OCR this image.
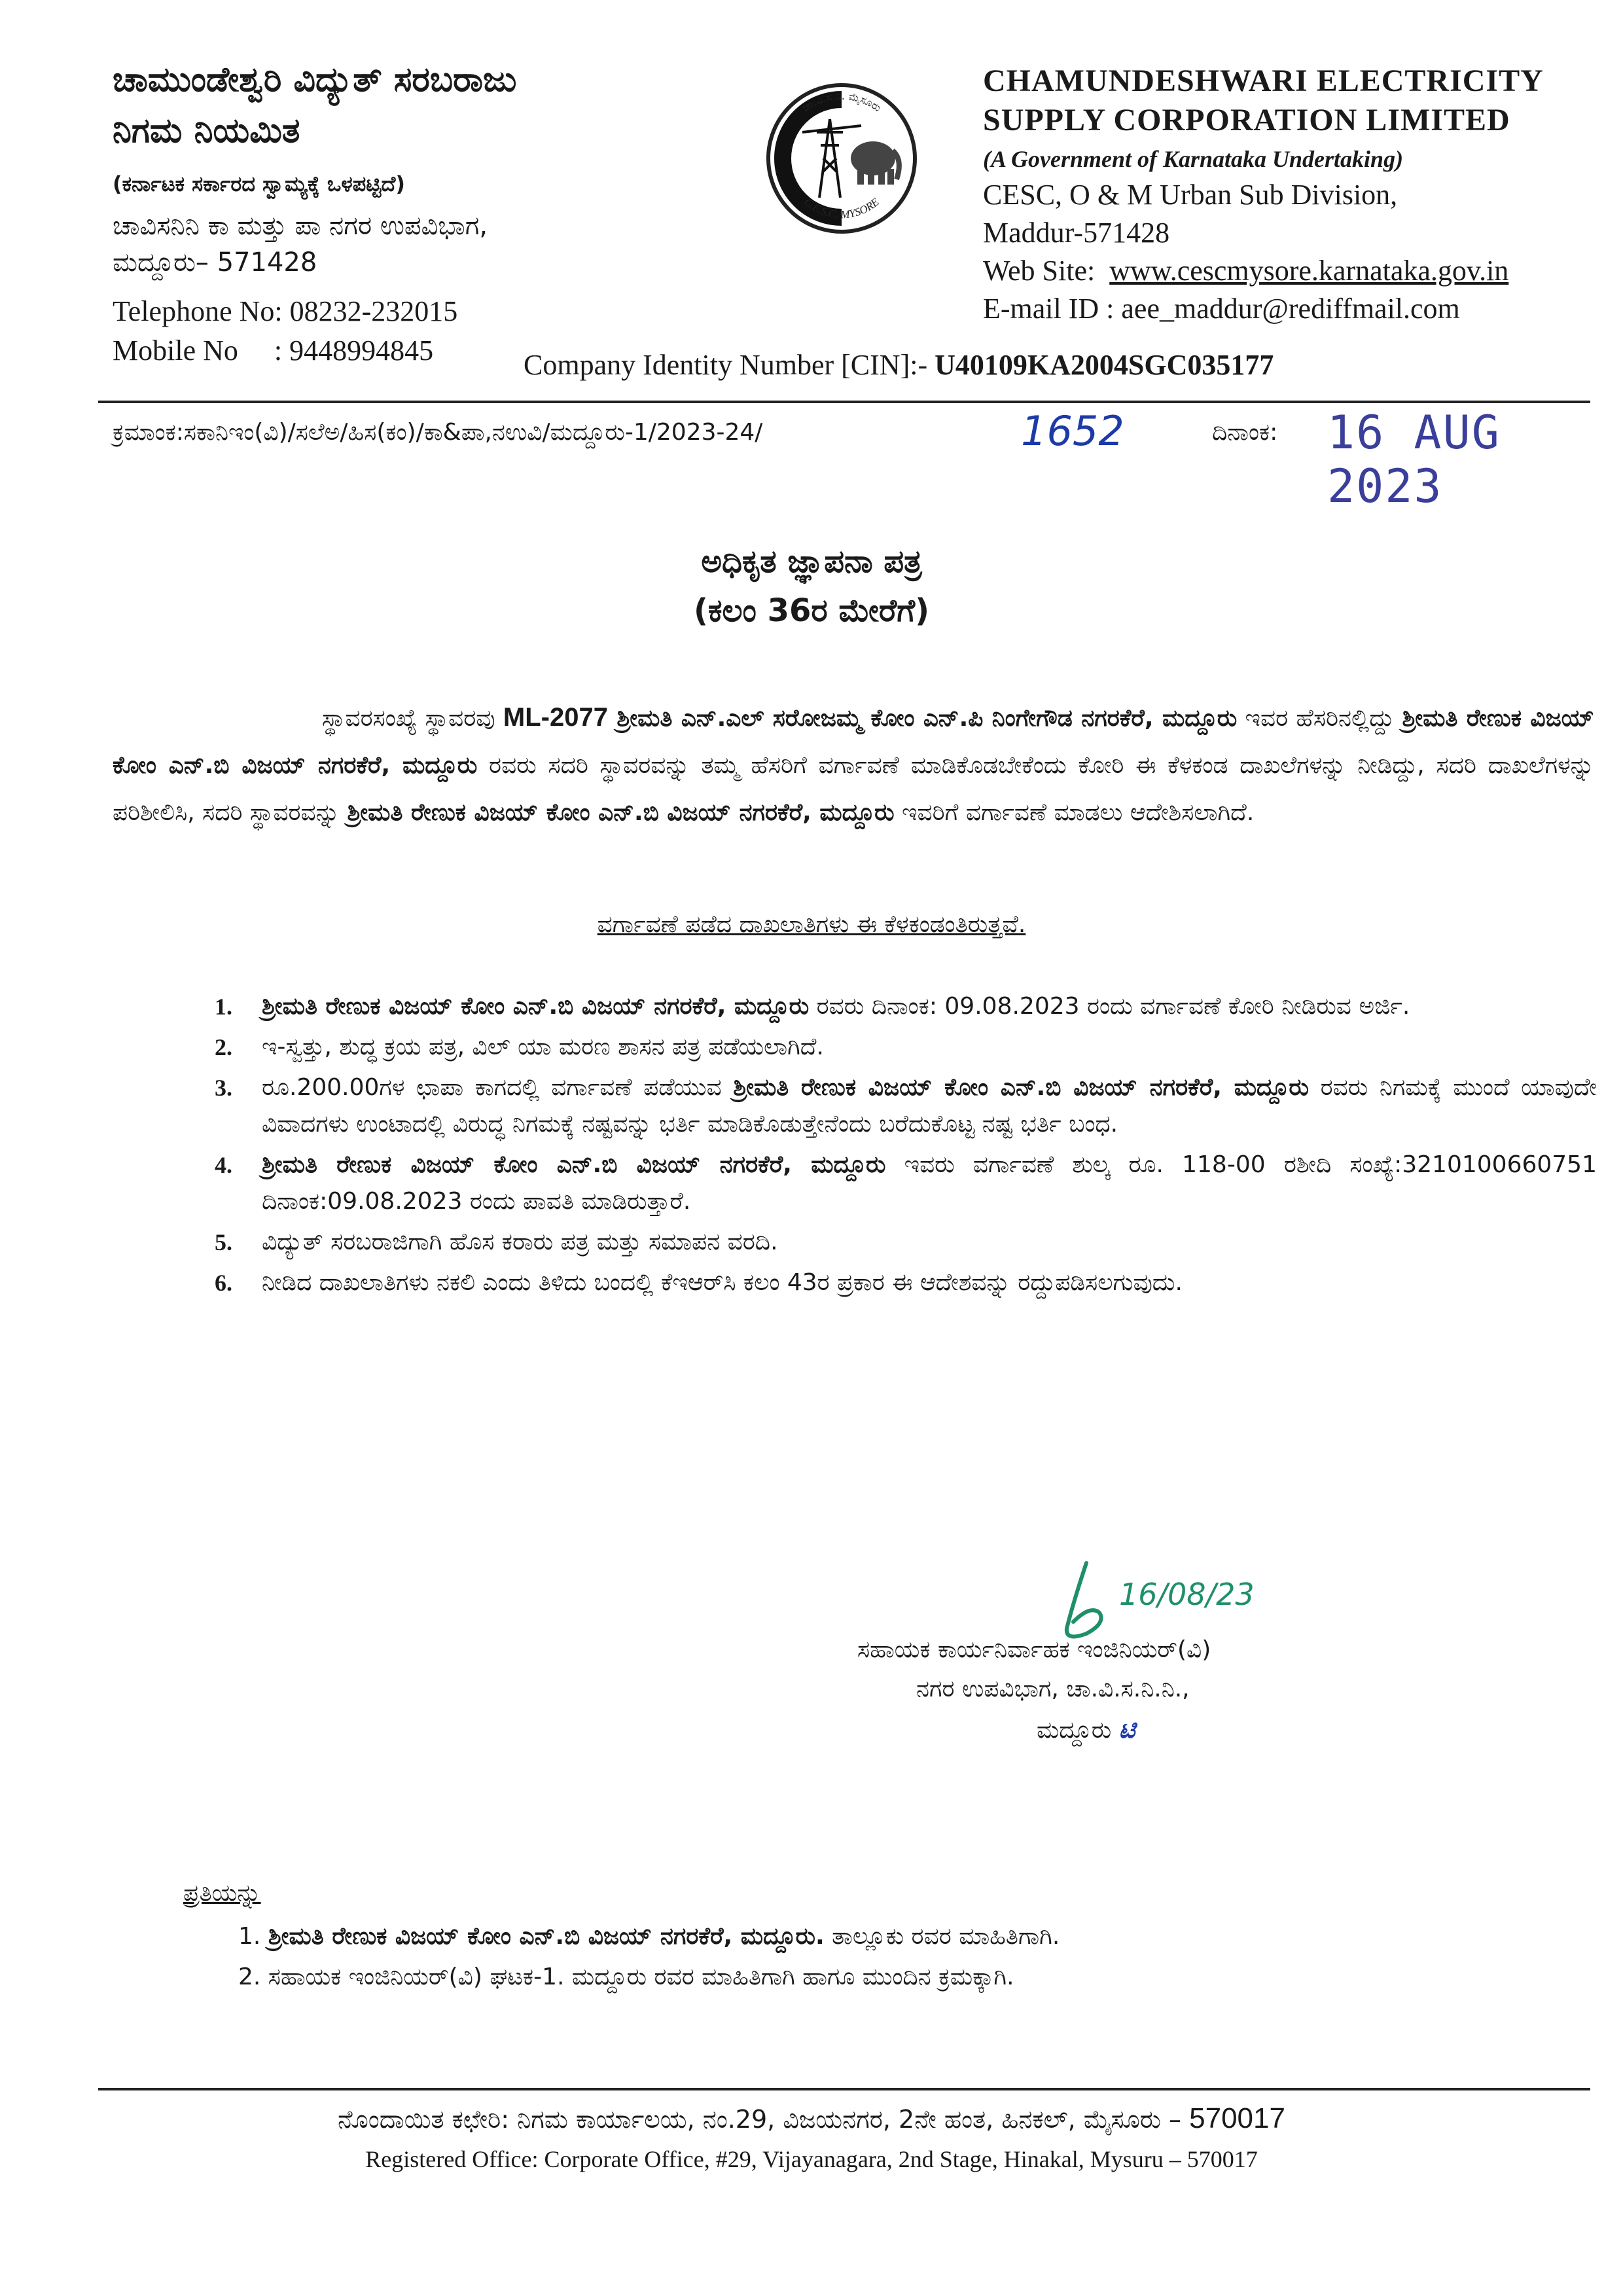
ಚಾಮುಂಡೇಶ್ವರಿ ವಿದ್ಯುತ್ ಸರಬರಾಜು
ನಿಗಮ ನಿಯಮಿತ
(ಕರ್ನಾಟಕ ಸರ್ಕಾರದ ಸ್ವಾಮ್ಯಕ್ಕೆ ಒಳಪಟ್ಟಿದೆ)
ಚಾವಿಸನಿನಿ ಕಾ ಮತ್ತು ಪಾ ನಗರ ಉಪವಿಭಾಗ,
ಮದ್ದೂರು– 571428
Telephone No: 08232-232015
Mobile No     : 9448994845
ಚಾ.ವಿ.ಸ.ನಿ. ಮೈಸೂರು
C.E.S.C, MYSORE
CHAMUNDESHWARI ELECTRICITY
SUPPLY CORPORATION LIMITED
(A Government of Karnataka Undertaking)
CESC, O & M Urban Sub Division,
Maddur-571428
Web Site:  www.cescmysore.karnataka.gov.in
E-mail ID : aee_maddur@rediffmail.com
Company Identity Number [CIN]:- U40109KA2004SGC035177
ಕ್ರಮಾಂಕ:ಸಕಾನಿಇಂ(ವಿ)/ಸಲೆಅ/ಹಿಸ(ಕಂ)/ಕಾ&ಪಾ,ನಉವಿ/ಮದ್ದೂರು-1/2023-24/	1652	ದಿನಾಂಕ: 16 AUG 2023
ಅಧಿಕೃತ ಜ್ಞಾಪನಾ ಪತ್ರ
(ಕಲಂ 36ರ ಮೇರೆಗೆ)
ಸ್ಥಾವರಸಂಖ್ಯೆ ಸ್ಥಾವರವು ML-2077 ಶ್ರೀಮತಿ ಎನ್.ಎಲ್ ಸರೋಜಮ್ಮ ಕೋಂ ಎನ್.ಪಿ ನಿಂಗೇಗೌಡ ನಗರಕೆರೆ, ಮದ್ದೂರು ಇವರ ಹೆಸರಿನಲ್ಲಿದ್ದು ಶ್ರೀಮತಿ ರೇಣುಕ ವಿಜಯ್ ಕೋಂ ಎನ್.ಬಿ ವಿಜಯ್ ನಗರಕೆರೆ, ಮದ್ದೂರು ರವರು ಸದರಿ ಸ್ಥಾವರವನ್ನು ತಮ್ಮ ಹೆಸರಿಗೆ ವರ್ಗಾವಣೆ ಮಾಡಿಕೊಡಬೇಕೆಂದು ಕೋರಿ ಈ ಕೆಳಕಂಡ ದಾಖಲೆಗಳನ್ನು ನೀಡಿದ್ದು, ಸದರಿ ದಾಖಲೆಗಳನ್ನು ಪರಿಶೀಲಿಸಿ, ಸದರಿ ಸ್ಥಾವರವನ್ನು ಶ್ರೀಮತಿ ರೇಣುಕ ವಿಜಯ್ ಕೋಂ ಎನ್.ಬಿ ವಿಜಯ್ ನಗರಕೆರೆ, ಮದ್ದೂರು ಇವರಿಗೆ ವರ್ಗಾವಣೆ ಮಾಡಲು ಆದೇಶಿಸಲಾಗಿದೆ.
ವರ್ಗಾವಣೆ ಪಡೆದ ದಾಖಲಾತಿಗಳು ಈ ಕೆಳಕಂಡಂತಿರುತ್ತವೆ.
1. ಶ್ರೀಮತಿ ರೇಣುಕ ವಿಜಯ್ ಕೋಂ ಎನ್.ಬಿ ವಿಜಯ್ ನಗರಕೆರೆ, ಮದ್ದೂರು ರವರು ದಿನಾಂಕ: 09.08.2023 ರಂದು ವರ್ಗಾವಣೆ ಕೋರಿ ನೀಡಿರುವ ಅರ್ಜಿ.
2. ಇ-ಸ್ವತ್ತು, ಶುದ್ಧ ಕ್ರಯ ಪತ್ರ, ವಿಲ್ ಯಾ ಮರಣ ಶಾಸನ ಪತ್ರ ಪಡೆಯಲಾಗಿದೆ.
3. ರೂ.200.00ಗಳ ಛಾಪಾ ಕಾಗದಲ್ಲಿ ವರ್ಗಾವಣೆ ಪಡೆಯುವ ಶ್ರೀಮತಿ ರೇಣುಕ ವಿಜಯ್ ಕೋಂ ಎನ್.ಬಿ ವಿಜಯ್ ನಗರಕೆರೆ, ಮದ್ದೂರು ರವರು ನಿಗಮಕ್ಕೆ ಮುಂದೆ ಯಾವುದೇ ವಿವಾದಗಳು ಉಂಟಾದಲ್ಲಿ ವಿರುದ್ಧ ನಿಗಮಕ್ಕೆ ನಷ್ಟವನ್ನು ಭರ್ತಿ ಮಾಡಿಕೊಡುತ್ತೇನೆಂದು ಬರೆದುಕೊಟ್ಟ ನಷ್ಟ ಭರ್ತಿ ಬಂಧ.
4. ಶ್ರೀಮತಿ ರೇಣುಕ ವಿಜಯ್ ಕೋಂ ಎನ್.ಬಿ ವಿಜಯ್ ನಗರಕೆರೆ, ಮದ್ದೂರು ಇವರು ವರ್ಗಾವಣೆ ಶುಲ್ಕ ರೂ. 118-00 ರಶೀದಿ ಸಂಖ್ಯೆ:3210100660751 ದಿನಾಂಕ:09.08.2023 ರಂದು ಪಾವತಿ ಮಾಡಿರುತ್ತಾರೆ.
5. ವಿದ್ಯುತ್ ಸರಬರಾಜಿಗಾಗಿ ಹೊಸ ಕರಾರು ಪತ್ರ ಮತ್ತು ಸಮಾಪನ ವರದಿ.
6. ನೀಡಿದ ದಾಖಲಾತಿಗಳು ನಕಲಿ ಎಂದು ತಿಳಿದು ಬಂದಲ್ಲಿ ಕೆಇಆರ್‌ಸಿ ಕಲಂ 43ರ ಪ್ರಕಾರ ಈ ಆದೇಶವನ್ನು ರದ್ದುಪಡಿಸಲಗುವುದು.
16/08/23
ಸಹಾಯಕ ಕಾರ್ಯನಿರ್ವಾಹಕ ಇಂಜಿನಿಯರ್(ವಿ)
ನಗರ ಉಪವಿಭಾಗ, ಚಾ.ವಿ.ಸ.ನಿ.ನಿ.,
ಮದ್ದೂರು ಟಿ
ಪ್ರತಿಯನ್ನು
1. ಶ್ರೀಮತಿ ರೇಣುಕ ವಿಜಯ್ ಕೋಂ ಎನ್.ಬಿ ವಿಜಯ್ ನಗರಕೆರೆ, ಮದ್ದೂರು. ತಾಲ್ಲೂಕು ರವರ ಮಾಹಿತಿಗಾಗಿ.
2. ಸಹಾಯಕ ಇಂಜಿನಿಯರ್(ವಿ) ಘಟಕ-1. ಮದ್ದೂರು ರವರ ಮಾಹಿತಿಗಾಗಿ ಹಾಗೂ ಮುಂದಿನ ಕ್ರಮಕ್ಕಾಗಿ.
ನೊಂದಾಯಿತ ಕಛೇರಿ: ನಿಗಮ ಕಾರ್ಯಾಲಯ, ನಂ.29, ವಿಜಯನಗರ, 2ನೇ ಹಂತ, ಹಿನಕಲ್, ಮೈಸೂರು – 570017
Registered Office: Corporate Office, #29, Vijayanagara, 2nd Stage, Hinakal, Mysuru – 570017
